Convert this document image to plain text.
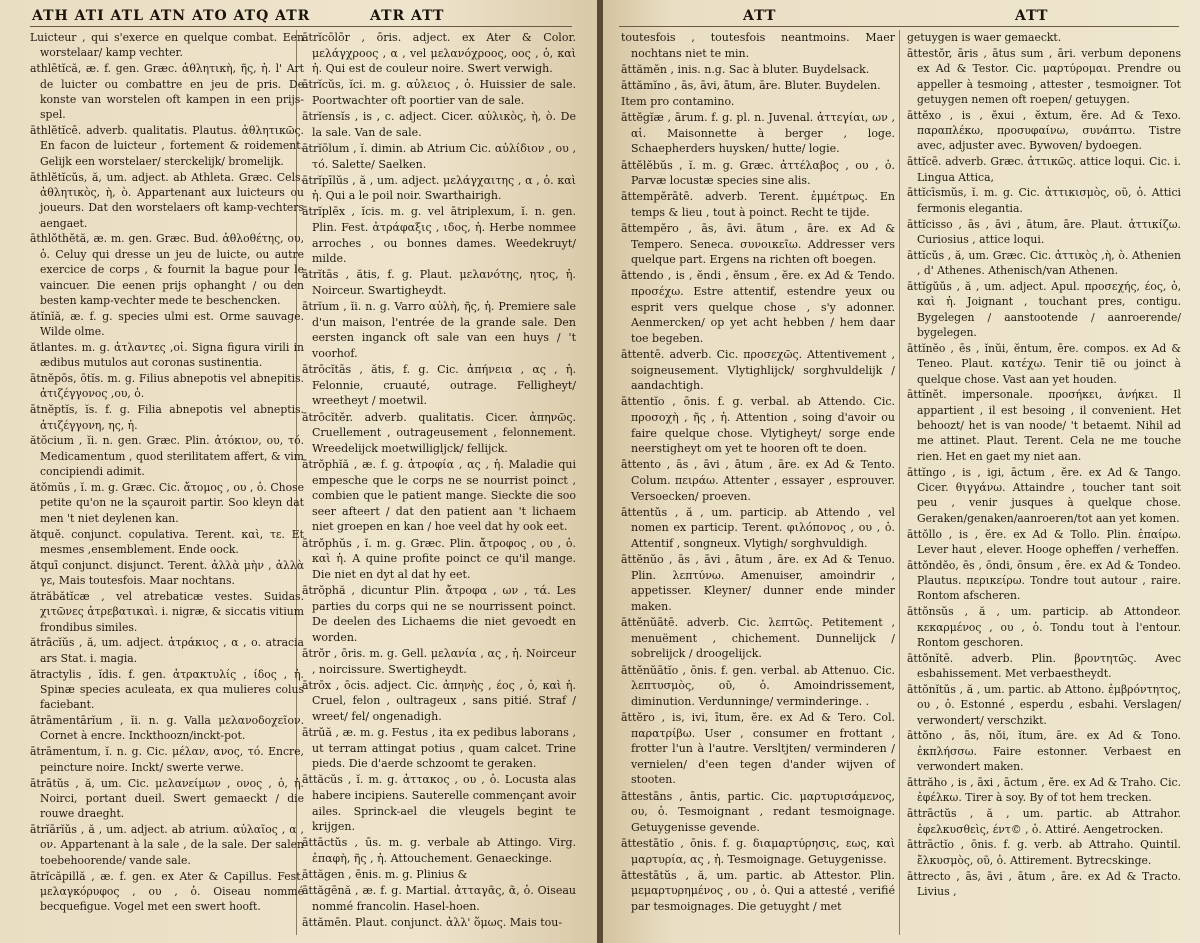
ATH ATI ATL ATN ATO ATQ ATR	ATR ATT
Luicteur , qui s'exerce en quelque combat. Een worstelaar/ kamp vechter.
athlētĭcă, æ. f. gen. Græc. ἀθλητικὴ, ῆς, ἡ. l' Art de luicter ou combattre en jeu de pris. De konste van worstelen oft kampen in een prijs-spel.
āthlĕtĭcē. adverb. qualitatis. Plautus. ἀθλητικῶς. En facon de luicteur , fortement & roidement. Gelijk een worstelaer/ sterckelijk/ bromelijk.
āthlĕtĭcŭs, ă, um. adject. ab Athleta. Græc. Cels. ἀθλητικὸς, ὴ, ὸ. Appartenant aux luicteurs ou joueurs. Dat den worstelaers oft kamp-vechters aengaet.
āthlŏthĕtă, æ. m. gen. Græc. Bud. ἀθλοθέτης, ου, ὁ. Celuy qui dresse un jeu de luicte, ou autre exercice de corps , & fournit la bague pour le vaincuer. Die eenen prijs ophanght / ou den besten kamp-vechter mede te beschencken.
ătĭnĭă, æ. f. g. species ulmi est. Orme sauvage. Wilde olme.
ătlantes. m. g. ἀτλαντες ,οἱ. Signa figura virili in ædibus mutulos aut coronas sustinentia.
ātnĕpōs, ōtĭs. m. g. Filius abnepotis vel abnepitis. ἀτιζέγγονος ,ου, ὁ.
ātnĕptĭs, ĭs. f. g. Filia abnepotis vel abneptis. ἀτιζέγγονη, ης, ἡ.
ătŏcium , ĭi. n. gen. Græc. Plin. ἀτόκιον, ου, τό. Medicamentum , quod sterilitatem affert, & vim concipiendi adimit.
ătŏmŭs , ĭ. m. g. Græc. Cic. ἄτομος , ου , ὁ. Chose petite qu'on ne la sçauroit partir. Soo kleyn dat men 't niet deylenen kan.
ătquĕ. conjunct. copulativa. Terent. καὶ, τε. Et mesmes ,ensemblement. Ende oock.
ătquī conjunct. disjunct. Terent. ἀλλὰ μὴν , ἀλλὰ γε, Mais toutesfois. Maar nochtans.
ătrăbătĭcæ , vel atrebaticæ vestes. Suidas. χιτῶνες ἀτρεβατικαὶ. i. nigræ, & siccatis vitium frondibus similes.
ătrācĭŭs , ă, um. adject. ἀτράκιος , α , ο. atracia ars Stat. i. magia.
ătractylis , ĭdis. f. gen. ἀτρακτυλίς , ίδος , ἡ. Spinæ species aculeata, ex qua mulieres colus faciebant.
ātrāmentārĭum , ĭi. n. g. Valla μελανοδοχεῖον. Cornet à encre. Inckthoozn/inckt-pot.
ātrāmentum, ĭ. n. g. Cic. μέλαν, ανος, τό. Encre, peincture noire. Inckt/ swerte verwe.
ātrātŭs , ă, um. Cic. μελανείμων , ονος , ὁ, ἡ. Noirci, portant dueil. Swert gemaeckt / die rouwe draeght.
ātrĭārĭŭs , ă , um. adject. ab atrium. αὐλαῖος , α , ον. Appartenant à la sale , de la sale. Der salen toebehoorende/ vande sale.
ātrĭcăpillă , æ. f. gen. ex Ater & Capillus. Fest. μελαγκόρυφος , ου , ὁ. Oiseau nommé becquefigue. Vogel met een swert hooft.
ātrĭcōlōr , ōris. adject. ex Ater & Color. μελάγχροος , α , vel μελανόχροος, οος , ὁ, καὶ ἡ. Qui est de couleur noire. Swert verwigh.
ātrĭcŭs, ĭci. m. g. αὐλειος , ὁ. Huissier de sale. Poortwachter oft poortier van de sale.
ātrĭensĭs , is , c. adject. Cicer. αὐλικὸς, ὴ, ὸ. De la sale. Van de sale.
ātrĭōlum , ĭ. dimin. ab Atrium Cic. αὐλίδιον , ου , τό. Salette/ Saelken.
ātrĭpīlŭs , ă , um. adject. μελάγχαιτης , α , ὁ. καὶ ἡ. Qui a le poil noir. Swarthairigh.
ātrĭplēx , ĭcis. m. g. vel ātriplexum, ĭ. n. gen. Plin. Fest. ἀτράφαξις , ιδος, ἡ. Herbe nommee arroches , ou bonnes dames. Weedekruyt/ milde.
ātrĭtās , ătis, f. g. Plaut. μελανότης, ητος, ἡ. Noirceur. Swartigheydt.
ātrĭum , ĭi. n. g. Varro αὐλὴ, ῆς, ἡ. Premiere sale d'un maison, l'entrée de la grande sale. Den eersten inganck oft sale van een huys / 't voorhof.
ātrōcĭtās , ătis, f. g. Cic. ἀπήνεια , ας , ἡ. Felonnie, cruauté, outrage. Felligheyt/ wreetheyt / moetwil.
ātrōcĭtĕr. adverb. qualitatis. Cicer. ἀπηνῶς. Cruellement , outrageusement , felonnement. Wreedelijck moetwilligljck/ fellijck.
ātrŏphĭă , æ. f. g. ἀτροφία , ας , ἡ. Maladie qui empesche que le corps ne se nourrist poinct , combien que le patient mange. Sieckte die soo seer afteert / dat den patient aan 't lichaem niet groepen en kan / hoe veel dat hy ook eet.
ātrŏphŭs , ĭ. m. g. Græc. Plin. ἄτροφος , ου , ὁ. καὶ ἡ. A quine profite poinct ce qu'il mange. Die niet en dyt al dat hy eet.
ātrŏphă , dicuntur Plin. ἄτροφα , ων , τά. Les parties du corps qui ne se nourrissent poinct. De deelen des Lichaems die niet gevoedt en worden.
ātrŏr , ōris. m. g. Gell. μελανία , ας , ἡ. Noirceur , noircissure. Swertigheydt.
ātrōx , ōcis. adject. Cic. ἀπηνὴς , έος , ὁ, καὶ ἡ. Cruel, felon , oultrageux , sans pitié. Straf / wreet/ fel/ ongenadigh.
ātrŭă , æ. m. g. Festus , ita ex pedibus laborans , ut terram attingat potius , quam calcet. Trine pieds. Die d'aerde schzoomt te geraken.
āttăcŭs , ĭ. m. g. ἀττακος , ου , ὁ. Locusta alas habere incipiens. Sauterelle commençant avoir ailes. Sprinck-ael die vleugels begint te krijgen.
āttāctŭs , ūs. m. g. verbale ab Attingo. Virg. ἐπαφὴ, ῆς , ἡ. Attouchement. Genaeckinge.
āttăgen , ēnis. m. g. Plinius &
āttăgēnă , æ. f. g. Martial. ἀτταγᾶς, ᾶ, ὁ. Oiseau nommé francolin. Hasel-hoen.
āttămēn. Plaut. conjunct. ἀλλ' ὅμως. Mais tou-
ATT	ATT
toutesfois , toutesfois neantmoins. Maer nochtans niet te min.
āttămĕn , inis. n.g. Sac à bluter. Buydelsack.
āttămĭno , ās, āvi, ātum, āre. Bluter. Buydelen.
Item pro contamino.
āttĕgĭæ , ārum. f. g. pl. n. Juvenal. ἀττεγίαι, ων , αἱ. Maisonnette à berger , loge. Schaepherders huysken/ hutte/ logie.
āttĕlĕbŭs , ĭ. m. g. Græc. ἀττέλαβος , ου , ὁ. Parvæ locustæ species sine alis.
āttempĕrātē. adverb. Terent. ἐμμέτρως. En temps & lieu , tout à poinct. Recht te tijde.
āttempĕro , ās, āvi. ātum , āre. ex Ad & Tempero. Seneca. συνοικεῖω. Addresser vers quelque part. Ergens na richten oft boegen.
āttendo , is , ĕndi , ĕnsum , ĕre. ex Ad & Tendo. προσέχω. Estre attentif, estendre yeux ou esprit vers quelque chose , s'y adonner. Aenmercken/ op yet acht hebben / hem daar toe begeben.
āttentē. adverb. Cic. προσεχῶς. Attentivement , soigneusement. Vlytighlijck/ sorghvuldelijk / aandachtigh.
āttentĭo , ōnis. f. g. verbal. ab Attendo. Cic. προσοχὴ , ῆς , ἡ. Attention , soing d'avoir ou faire quelque chose. Vlytigheyt/ sorge ende neerstigheyt om yet te hooren oft te doen.
āttento , ās , āvi , ātum , āre. ex Ad & Tento. Colum. πειράω. Attenter , essayer , esprouver. Versoecken/ proeven.
āttentŭs , ă , um. particip. ab Attendo , vel nomen ex particip. Terent. φιλόπονος , ου , ὁ. Attentif , songneux. Vlytigh/ sorghvuldigh.
āttĕnŭo , ās , āvi , ātum , āre. ex Ad & Tenuo. Plin. λεπτύνω. Amenuiser, amoindrir , appetisser. Kleyner/ dunner ende minder maken.
āttĕnŭātē. adverb. Cic. λεπτῶς. Petitement , menuëment , chichement. Dunnelijck / sobrelijck / droogelijck.
āttĕnŭātĭo , ōnis. f. gen. verbal. ab Attenuo. Cic. λεπτυσμὸς, οῦ, ὁ. Amoindrissement, diminution. Verdunninge/ verminderinge. .
āttĕro , is, ivi, ītum, ĕre. ex Ad & Tero. Col. παρατρίβω. User , consumer en frottant , frotter l'un à l'autre. Versltjten/ verminderen / vernielen/ d'een tegen d'ander wijven of stooten.
āttestāns , āntis, partic. Cic. μαρτυρισάμενος, ου, ὁ. Tesmoignant , redant tesmoignage. Getuygenisse gevende.
āttestātĭo , ōnis. f. g. διαμαρτύρησις, εως, καὶ μαρτυρία, ας , ἡ. Tesmoignage. Getuygenisse.
āttestātŭs , ă, um. partic. ab Attestor. Plin. μεμαρτυρημένος , ου , ὁ. Qui a attesté , verifié par tesmoignages. Die getuyght / met
getuygen is waer gemaeckt.
āttestŏr, āris , ātus sum , āri. verbum deponens ex Ad & Testor. Cic. μαρτύρομαι. Prendre ou appeller à tesmoing , attester , tesmoigner. Tot getuygen nemen oft roepen/ getuygen.
āttĕxo , is , ĕxui , ĕxtum, ĕre. Ad & Texo. παραπλέκω, προσυφαίνω, συνάπτω. Tistre avec, adjuster avec. Bywoven/ bydoegen.
āttĭcē. adverb. Græc. ἀττικῶς. attice loqui. Cic. i. Lingua Attica,
āttĭcīsmŭs, ĭ. m. g. Cic. ἀττικισμὸς, οῦ, ὁ. Attici fermonis elegantia.
āttĭcisso , ās , āvi , ātum, āre. Plaut. ἀττικίζω. Curiosius , attice loqui.
āttĭcŭs , ă, um. Græc. Cic. ἀττικὸς ,ὴ, ὸ. Athenien , d' Athenes. Athenisch/van Athenen.
āttĭgŭŭs , ă , um. adject. Apul. προσεχής, έος, ὁ, καὶ ἡ. Joignant , touchant pres, contigu. Bygelegen / aanstootende / aanroerende/ bygelegen.
āttĭnĕo , ēs , ĭnŭi, ĕntum, ēre. compos. ex Ad & Teneo. Plaut. κατέχω. Tenir tiē ou joinct à quelque chose. Vast aan yet houden.
āttĭnĕt. impersonale. προσήκει, ἀνήκει. Il appartient , il est besoing , il convenient. Het behoozt/ het is van noode/ 't betaemt. Nihil ad me attinet. Plaut. Terent. Cela ne me touche rien. Het en gaet my niet aan.
āttĭngo , is , igi, āctum , ĕre. ex Ad & Tango. Cicer. θιγγάνω. Attaindre , toucher tant soit peu , venir jusques à quelque chose. Geraken/genaken/aanroeren/tot aan yet komen.
āttŏllo , is , ĕre. ex Ad & Tollo. Plin. ἐπαίρω. Lever haut , elever. Hooge opheffen / verheffen.
āttŏndĕo, ēs , ōndi, ōnsum , ēre. ex Ad & Tondeo. Plautus. περικείρω. Tondre tout autour , raire. Rontom afscheren.
āttŏnsŭs , ă , um. particip. ab Attondeor. κεκαρμένος , ου , ὁ. Tondu tout à l'entour. Rontom geschoren.
āttŏnĭtē. adverb. Plin. βροντητῶς. Avec esbahissement. Met verbaestheydt.
āttŏnĭtŭs , ă , um. partic. ab Attono. ἐμβρόντητος, ου , ὁ. Estonné , esperdu , esbahi. Verslagen/ verwondert/ verschzikt.
āttŏno , ās, nŏi, ĭtum, āre. ex Ad & Tono. ἐκπλήσσω. Faire estonner. Verbaest en verwondert maken.
āttrăho , is , āxi , āctum , ĕre. ex Ad & Traho. Cic. ἐφέλκω. Tirer à soy. By of tot hem trecken.
āttrāctŭs , ă , um. partic. ab Attrahor. ἐφελκυσθεὶς, έντ© , ὁ. Attiré. Aengetrocken.
āttrāctĭo , ōnis. f. g. verb. ab Attraho. Quintil. ἔλκυσμὸς, οῦ, ὁ. Attirement. Bytrecskinge.
āttrecto , ās, āvi , ātum , āre. ex Ad & Tracto. Livius ,
